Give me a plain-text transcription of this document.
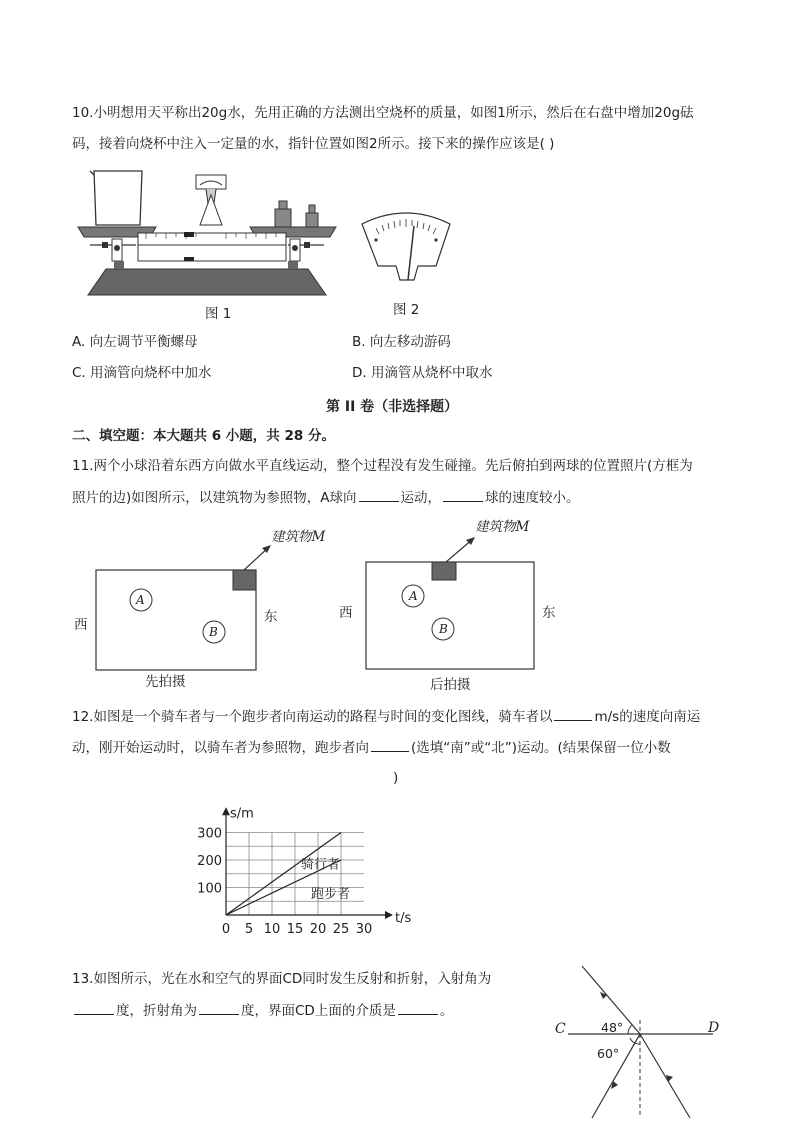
10.小明想用天平称出20g水，先用正确的方法测出空烧杯的质量，如图1所示，然后在右盘中增加20g砝
码，接着向烧杯中注入一定量的水，指针位置如图2所示。接下来的操作应该是( )
图 1	图 2
A. 向左调节平衡螺母	B. 向左移动游码
C. 用滴管向烧杯中加水	D. 用滴管从烧杯中取水
第 II 卷（非选择题）
二、填空题：本大题共 6 小题，共 28 分。
11.两个小球沿着东西方向做水平直线运动，整个过程没有发生碰撞。先后俯拍到两球的位置照片(方框为
照片的边)如图所示，以建筑物为参照物，A球向	运动，	球的速度较小。
建筑物M
A
B
西	东
先拍摄
建筑物M
A
B
西	东
后拍摄
12.如图是一个骑车者与一个跑步者向南运动的路程与时间的变化图线，骑车者以	m/s的速度向南运
动，刚开始运动时，以骑车者为参照物，跑步者向	(选填“南”或“北”)运动。(结果保留一位小数
)
0 5 10 15 20 25 30
100
200
300
t/s
s/m
骑行者
跑步者
13.如图所示，光在水和空气的界面CD同时发生反射和折射，入射角为
度，折射角为	度，界面CD上面的介质是	。
C	D
48°
60°
